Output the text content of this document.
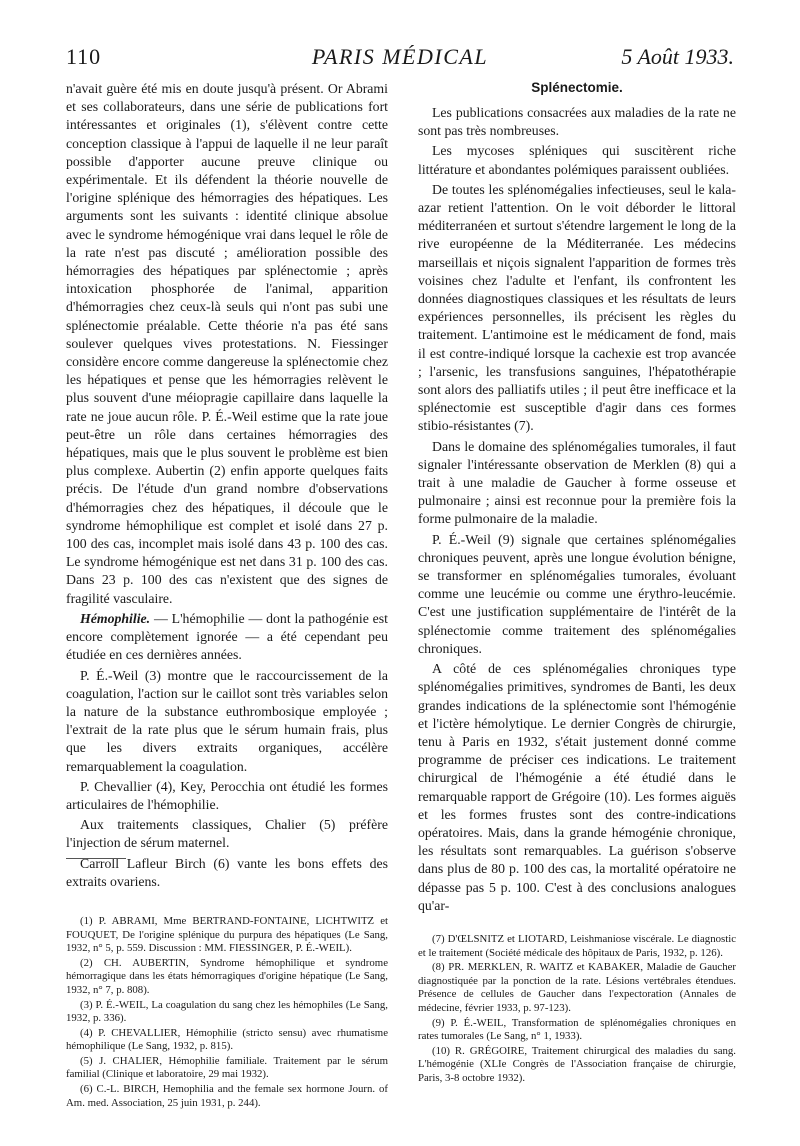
110	PARIS MÉDICAL	5 Août 1933.

n'avait guère été mis en doute jusqu'à présent. Or Abrami et ses collaborateurs, dans une série de publications fort intéressantes et originales (1), s'élèvent contre cette conception classique à l'appui de laquelle il ne leur paraît possible d'apporter aucune preuve clinique ou expérimentale. Et ils défendent la théorie nouvelle de l'origine splénique des hémorragies des hépatiques. Les arguments sont les suivants : identité clinique absolue avec le syndrome hémogénique vrai dans lequel le rôle de la rate n'est pas discuté ; amélioration possible des hémorragies des hépatiques par splénectomie ; après intoxication phosphorée de l'animal, apparition d'hémorragies chez ceux-là seuls qui n'ont pas subi une splénectomie préalable. Cette théorie n'a pas été sans soulever quelques vives protestations. N. Fiessinger considère encore comme dangereuse la splénectomie chez les hépatiques et pense que les hémorragies relèvent le plus souvent d'une méiopragie capillaire dans laquelle la rate ne joue aucun rôle. P. É.-Weil estime que la rate joue peut-être un rôle dans certaines hémorragies des hépatiques, mais que le plus souvent le problème est bien plus complexe. Aubertin (2) enfin apporte quelques faits précis. De l'étude d'un grand nombre d'observations d'hémorragies chez des hépatiques, il découle que le syndrome hémophilique est complet et isolé dans 27 p. 100 des cas, incomplet mais isolé dans 43 p. 100 des cas. Le syndrome hémogénique est net dans 31 p. 100 des cas. Dans 23 p. 100 des cas n'existent que des signes de fragilité vasculaire.

Hémophilie. — L'hémophilie — dont la pathogénie est encore complètement ignorée — a été cependant peu étudiée en ces dernières années.

P. É.-Weil (3) montre que le raccourcissement de la coagulation, l'action sur le caillot sont très variables selon la nature de la substance euthrombosique employée ; l'extrait de la rate plus que le sérum humain frais, plus que les divers extraits organiques, accélère remarquablement la coagulation.

P. Chevallier (4), Key, Perocchia ont étudié les formes articulaires de l'hémophilie.

Aux traitements classiques, Chalier (5) préfère l'injection de sérum maternel.

Carroll Lafleur Birch (6) vante les bons effets des extraits ovariens.

(1) P. ABRAMI, Mme BERTRAND-FONTAINE, LICHTWITZ et FOUQUET, De l'origine splénique du purpura des hépatiques (Le Sang, 1932, n° 5, p. 559. Discussion : MM. FIESSINGER, P. É.-WEIL).

(2) CH. AUBERTIN, Syndrome hémophilique et syndrome hémorragique dans les états hémorragiques d'origine hépatique (Le Sang, 1932, n° 7, p. 808).

(3) P. É.-WEIL, La coagulation du sang chez les hémophiles (Le Sang, 1932, p. 336).

(4) P. CHEVALLIER, Hémophilie (stricto sensu) avec rhumatisme hémophilique (Le Sang, 1932, p. 815).

(5) J. CHALIER, Hémophilie familiale. Traitement par le sérum familial (Clinique et laboratoire, 29 mai 1932).

(6) C.-L. BIRCH, Hemophilia and the female sex hormone Journ. of Am. med. Association, 25 juin 1931, p. 244).

Splénectomie.

Les publications consacrées aux maladies de la rate ne sont pas très nombreuses.

Les mycoses spléniques qui suscitèrent riche littérature et abondantes polémiques paraissent oubliées.

De toutes les splénomégalies infectieuses, seul le kala-azar retient l'attention. On le voit déborder le littoral méditerranéen et surtout s'étendre largement le long de la rive européenne de la Méditerranée. Les médecins marseillais et niçois signalent l'apparition de formes très voisines chez l'adulte et l'enfant, ils confrontent les données diagnostiques classiques et les résultats de leurs expériences personnelles, ils précisent les règles du traitement. L'antimoine est le médicament de fond, mais il est contre-indiqué lorsque la cachexie est trop avancée ; l'arsenic, les transfusions sanguines, l'hépatothérapie sont alors des palliatifs utiles ; il peut être inefficace et la splénectomie est susceptible d'agir dans ces formes stibio-résistantes (7).

Dans le domaine des splénomégalies tumorales, il faut signaler l'intéressante observation de Merklen (8) qui a trait à une maladie de Gaucher à forme osseuse et pulmonaire ; ainsi est reconnue pour la première fois la forme pulmonaire de la maladie.

P. É.-Weil (9) signale que certaines splénomégalies chroniques peuvent, après une longue évolution bénigne, se transformer en splénomégalies tumorales, évoluant comme une leucémie ou comme une érythro-leucémie. C'est une justification supplémentaire de l'intérêt de la splénectomie comme traitement des splénomégalies chroniques.

A côté de ces splénomégalies chroniques type splénomégalies primitives, syndromes de Banti, les deux grandes indications de la splénectomie sont l'hémogénie et l'ictère hémolytique. Le dernier Congrès de chirurgie, tenu à Paris en 1932, s'était justement donné comme programme de préciser ces indications. Le traitement chirurgical de l'hémogénie a été étudié dans le remarquable rapport de Grégoire (10). Les formes aiguës et les formes frustes sont des contre-indications opératoires. Mais, dans la grande hémogénie chronique, les résultats sont remarquables. La guérison s'observe dans plus de 80 p. 100 des cas, la mortalité opératoire ne dépasse pas 5 p. 100. C'est à des conclusions analogues qu'ar-

(7) D'ŒLSNITZ et LIOTARD, Leishmaniose viscérale. Le diagnostic et le traitement (Société médicale des hôpitaux de Paris, 1932, p. 126).

(8) PR. MERKLEN, R. WAITZ et KABAKER, Maladie de Gaucher diagnostiquée par la ponction de la rate. Lésions vertébrales étendues. Présence de cellules de Gaucher dans l'expectoration (Annales de médecine, février 1933, p. 97-123).

(9) P. É.-WEIL, Transformation de splénomégalies chroniques en rates tumorales (Le Sang, n° 1, 1933).

(10) R. GRÉGOIRE, Traitement chirurgical des maladies du sang. L'hémogénie (XLIe Congrès de l'Association française de chirurgie, Paris, 3-8 octobre 1932).
